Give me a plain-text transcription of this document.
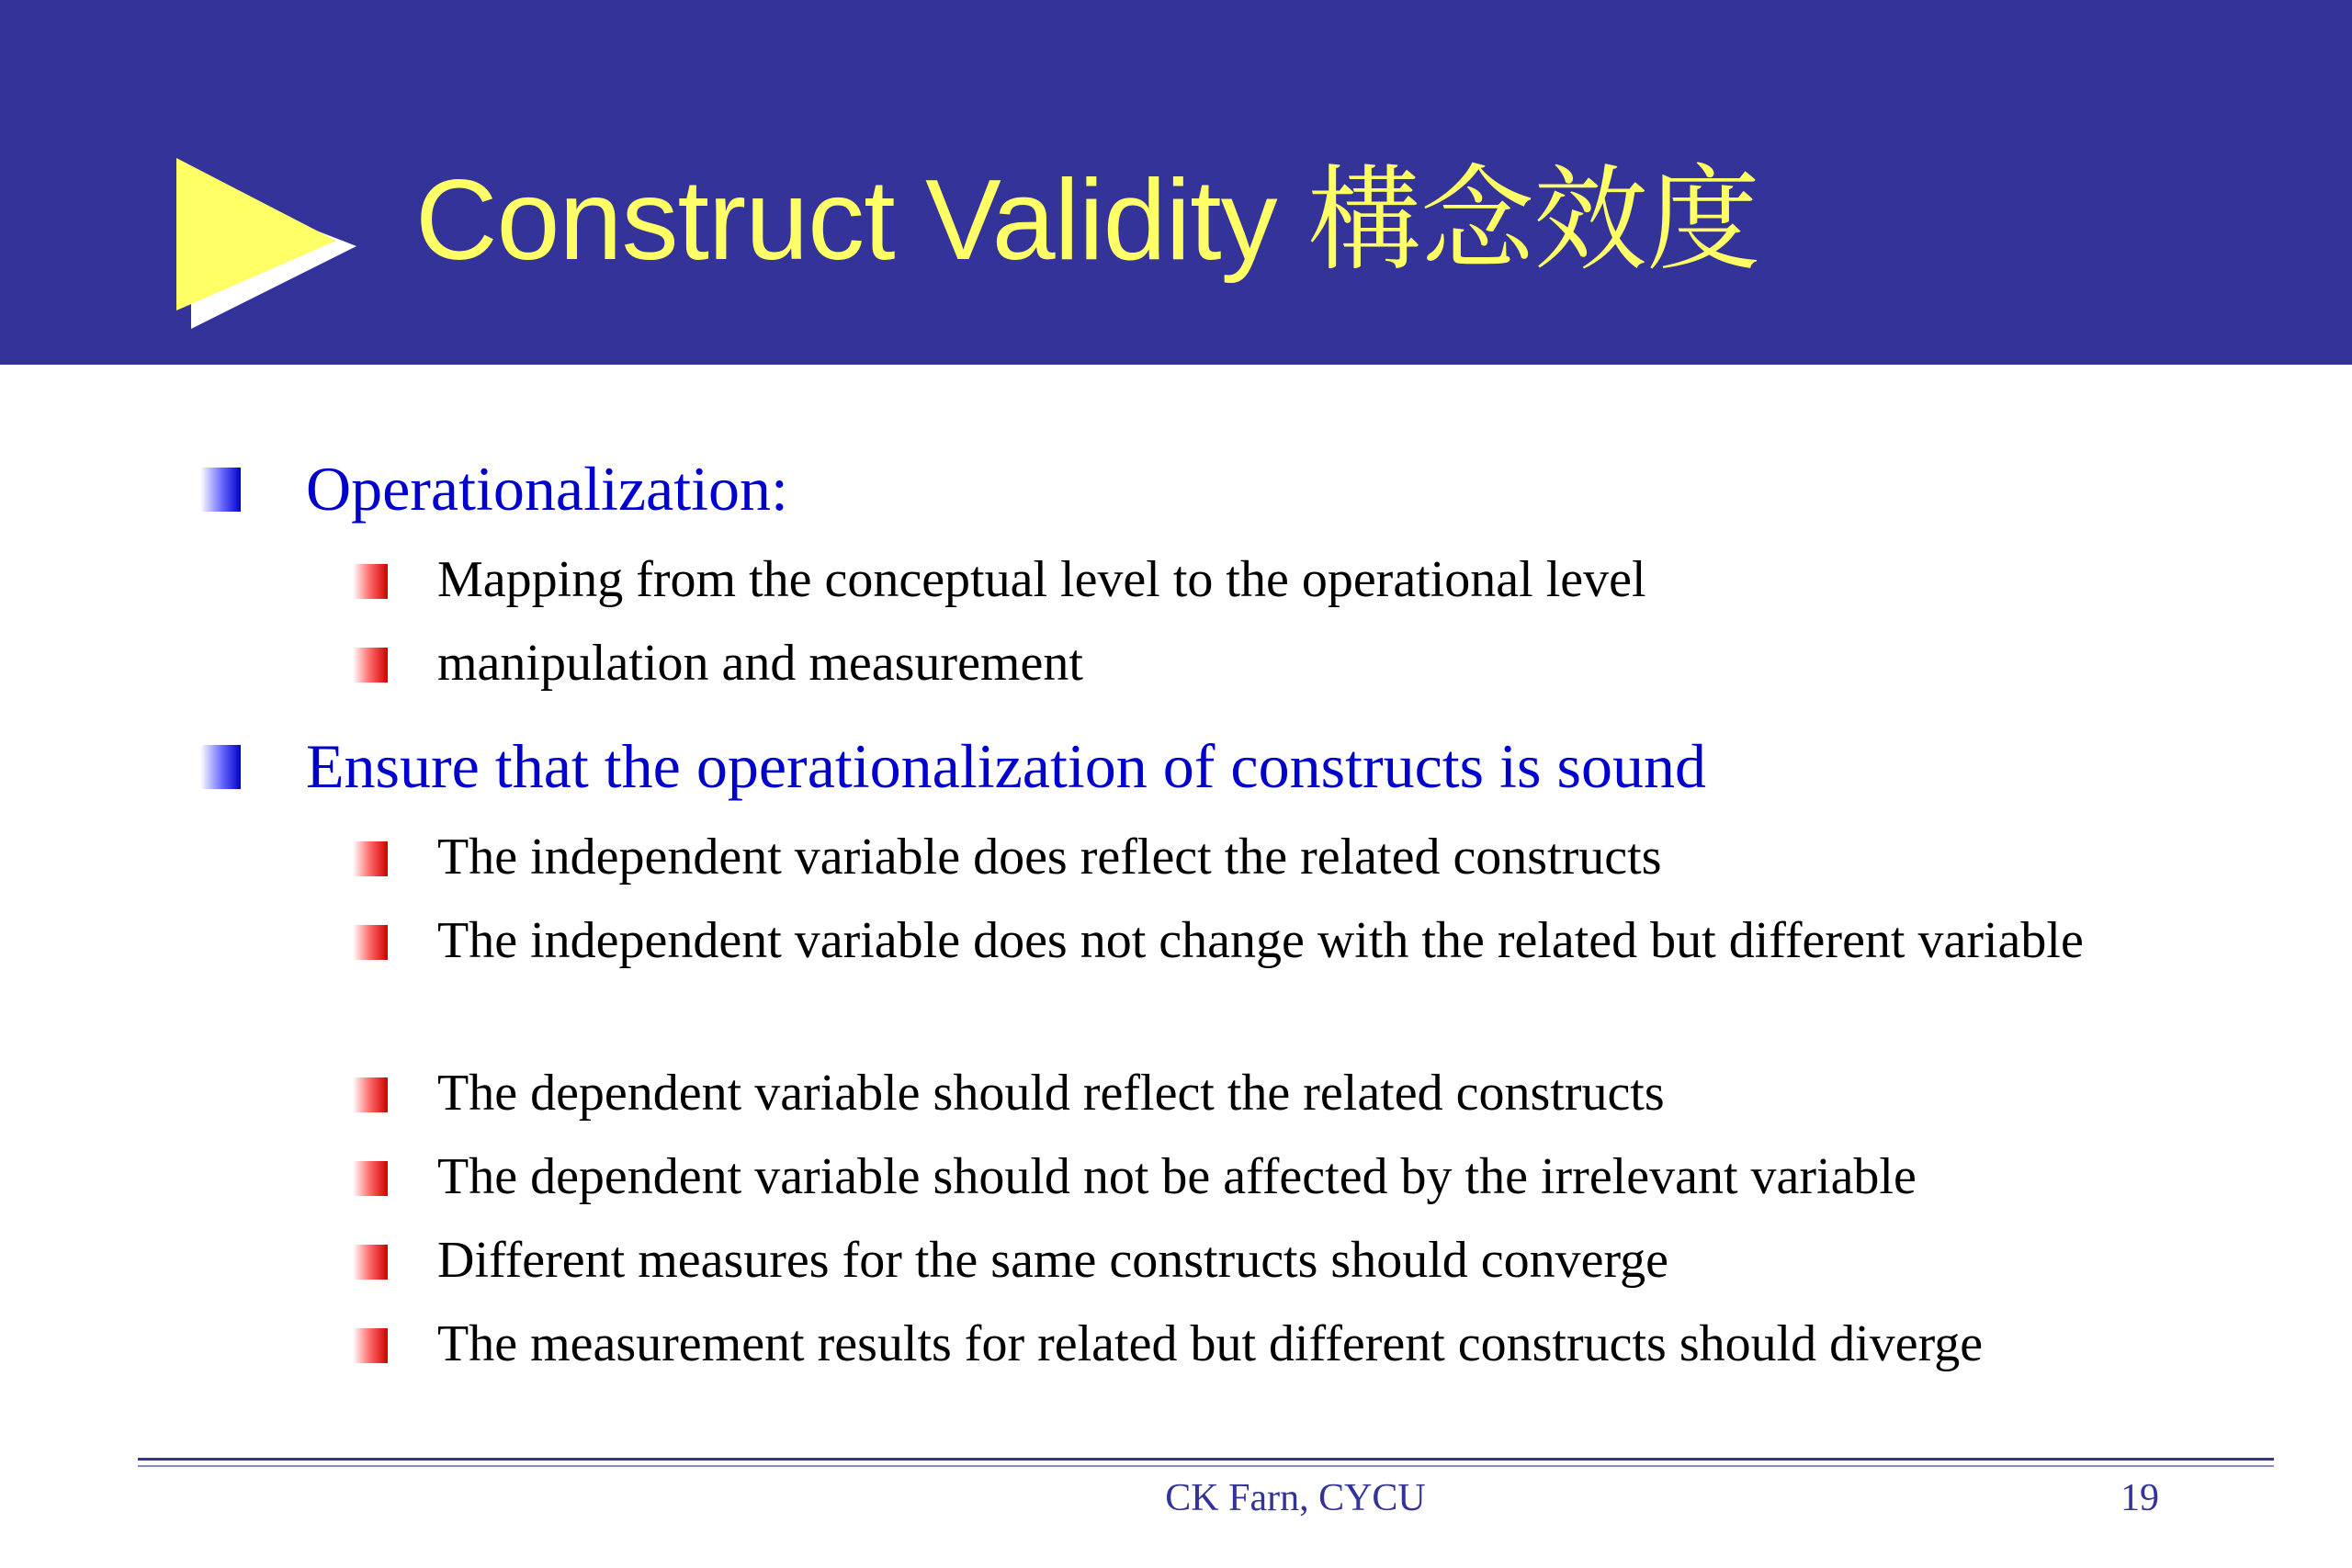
Construct Validity 構念效度
Operationalization:
Mapping from the conceptual level to the operational level
manipulation and measurement
Ensure that the operationalization of constructs is sound
The independent variable does reflect the related constructs
The independent variable does not change with the related but different variable
The dependent variable should reflect the related constructs
The dependent variable should not be affected by the irrelevant variable
Different measures for the same constructs should converge
The measurement results for related but different constructs should diverge
CK Farn, CYCU	19
